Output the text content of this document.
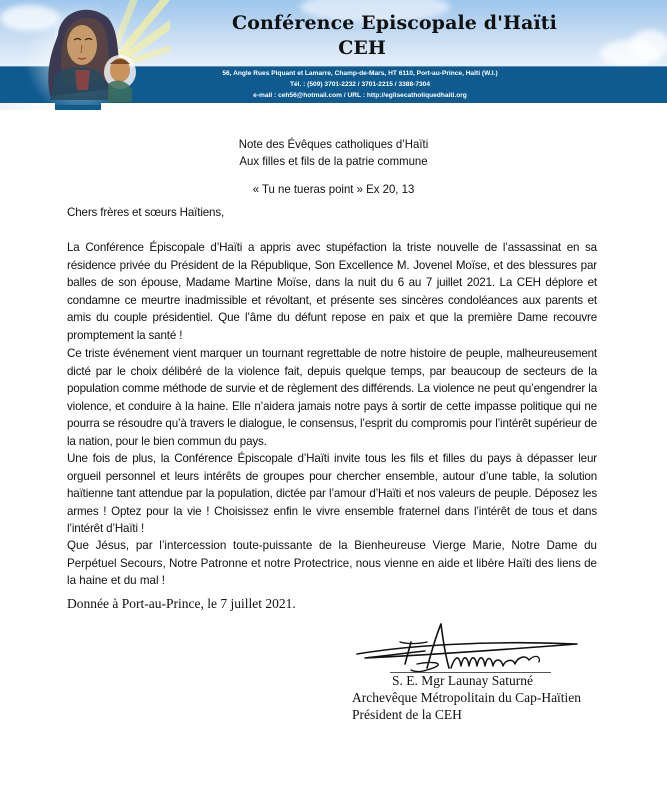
Conférence Episcopale d'Haïti
CEH
56, Angle Rues Piquant et Lamarre, Champ-de-Mars, HT 6110, Port-au-Prince, Haïti (W.I.)
Tél. : (509) 3701-2232 / 3701-2215 / 3388-7304
e-mail : ceh56@hotmail.com / URL : http://eglisecatholiquedhaiti.org
Note des Évêques catholiques d’Haïti
Aux filles et fils de la patrie commune
« Tu ne tueras point » Ex 20, 13
Chers frères et sœurs Haïtiens,
La Conférence Épiscopale d’Haïti a appris avec stupéfaction la triste nouvelle de l’assassinat en sa résidence privée du Président de la République, Son Excellence M. Jovenel Moïse, et des blessures par balles de son épouse, Madame Martine Moïse, dans la nuit du 6 au 7 juillet 2021. La CEH déplore et condamne ce meurtre inadmissible et révoltant, et présente ses sincères condoléances aux parents et amis du couple présidentiel. Que l’âme du défunt repose en paix et que la première Dame recouvre promptement la santé !
Ce triste événement vient marquer un tournant regrettable de notre histoire de peuple, malheureusement dicté par le choix délibéré de la violence fait, depuis quelque temps, par beaucoup de secteurs de la population comme méthode de survie et de règlement des différends. La violence ne peut qu’engendrer la violence, et conduire à la haine. Elle n’aidera jamais notre pays à sortir de cette impasse politique qui ne pourra se résoudre qu’à travers le dialogue, le consensus, l’esprit du compromis pour l’intérêt supérieur de la nation, pour le bien commun du pays.
Une fois de plus, la Conférence Épiscopale d’Haïti invite tous les fils et filles du pays à dépasser leur orgueil personnel et leurs intérêts de groupes pour chercher ensemble, autour d’une table, la solution haïtienne tant attendue par la population, dictée par l’amour d’Haïti et nos valeurs de peuple. Déposez les armes ! Optez pour la vie ! Choisissez enfin le vivre ensemble fraternel dans l’intérêt de tous et dans l’intérêt d’Haïti !
Que Jésus, par l’intercession toute-puissante de la Bienheureuse Vierge Marie, Notre Dame du Perpétuel Secours, Notre Patronne et notre Protectrice, nous vienne en aide et libère Haïti des liens de la haine et du mal !
Donnée à Port-au-Prince, le 7 juillet 2021.
S. E. Mgr Launay Saturné
Archevêque Métropolitain du Cap-Haïtien
Président de la CEH
